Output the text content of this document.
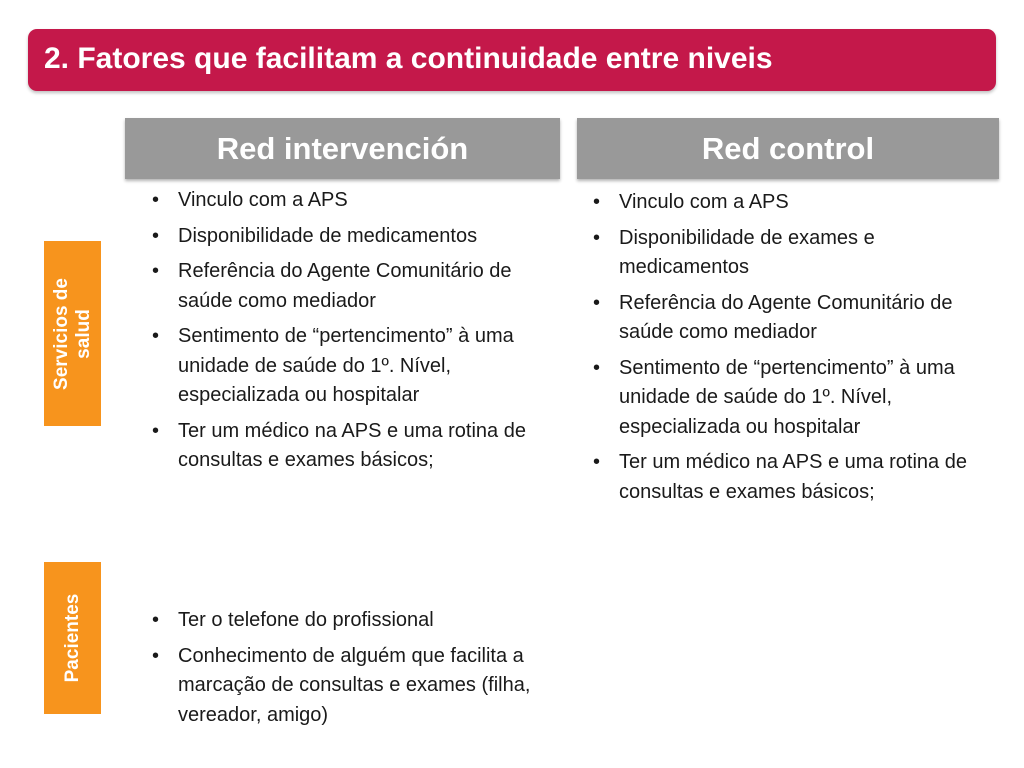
2. Fatores que facilitam a continuidade entre niveis
Red intervención	Red control
Servicios de salud
Pacientes
• Vinculo com a APS
• Disponibilidade de medicamentos
• Referência do Agente Comunitário de saúde como mediador
• Sentimento de “pertencimento” à uma unidade de saúde do 1º. Nível, especializada ou hospitalar
• Ter um médico na APS e uma rotina de consultas e exames básicos;
• Vinculo com a APS
• Disponibilidade de exames e medicamentos
• Referência do Agente Comunitário de saúde como mediador
• Sentimento de “pertencimento” à uma unidade de saúde do 1º. Nível, especializada ou hospitalar
• Ter um médico na APS e uma rotina de consultas e exames básicos;
• Ter o telefone do profissional
• Conhecimento de alguém que facilita a marcação de consultas e exames (filha, vereador, amigo)
